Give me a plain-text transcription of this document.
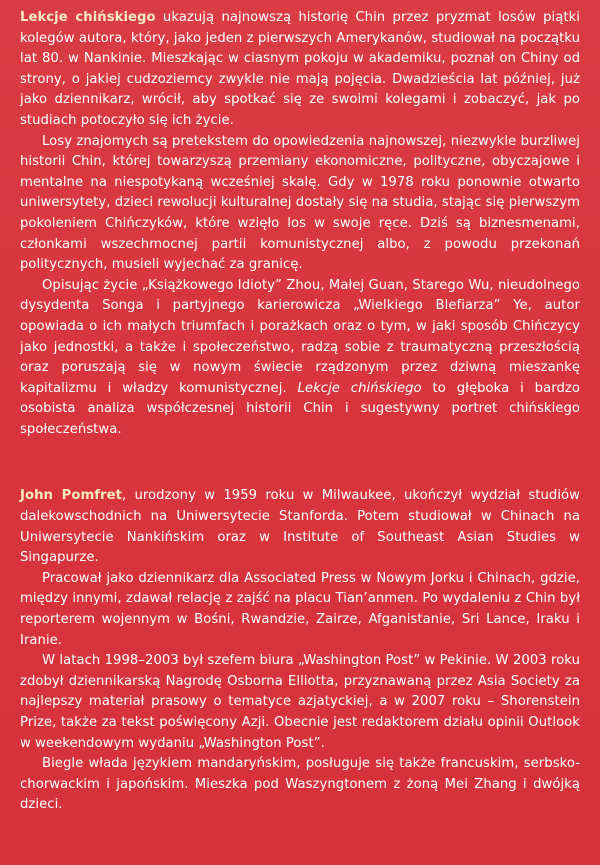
Lekcje chińskiego ukazują najnowszą historię Chin przez pryzmat losów piątki kolegów autora, który, jako jeden z pierwszych Amerykanów, studiował na początku lat 80. w Nankinie. Mieszkając w ciasnym pokoju w akademiku, poznał on Chiny od strony, o jakiej cudzoziemcy zwykle nie mają pojęcia. Dwadzieścia lat później, już jako dziennikarz, wrócił, aby spotkać się ze swoimi kolegami i zobaczyć, jak po studiach potoczyło się ich życie.

Losy znajomych są pretekstem do opowiedzenia najnowszej, niezwykle burzliwej historii Chin, której towarzyszą przemiany ekonomiczne, polityczne, obyczajowe i mentalne na niespotykaną wcześniej skalę. Gdy w 1978 roku ponownie otwarto uniwersytety, dzieci rewolucji kulturalnej dostały się na studia, stając się pierwszym pokoleniem Chińczyków, które wzięło los w swoje ręce. Dziś są biznesmenami, członkami wszechmocnej partii komunistycznej albo, z powodu przekonań politycznych, musieli wyjechać za granicę.

Opisując życie „Książkowego Idioty” Zhou, Małej Guan, Starego Wu, nieudolnego dysydenta Songa i partyjnego karierowicza „Wielkiego Blefiarza” Ye, autor opowiada o ich małych triumfach i porażkach oraz o tym, w jaki sposób Chińczycy jako jednostki, a także i społeczeństwo, radzą sobie z traumatyczną przeszłością oraz poruszają się w nowym świecie rządzonym przez dziwną mieszankę kapitalizmu i władzy komunistycznej. Lekcje chińskiego to głęboka i bardzo osobista analiza współczesnej historii Chin i sugestywny portret chińskiego społeczeństwa.

John Pomfret, urodzony w 1959 roku w Milwaukee, ukończył wydział studiów dalekowschodnich na Uniwersytecie Stanforda. Potem studiował w Chinach na Uniwersytecie Nankińskim oraz w Institute of Southeast Asian Studies w Singapurze.

Pracował jako dziennikarz dla Associated Press w Nowym Jorku i Chinach, gdzie, między innymi, zdawał relację z zajść na placu Tian’anmen. Po wydaleniu z Chin był reporterem wojennym w Bośni, Rwandzie, Zairze, Afganistanie, Sri Lance, Iraku i Iranie.

W latach 1998–2003 był szefem biura „Washington Post” w Pekinie. W 2003 roku zdobył dziennikarską Nagrodę Osborna Elliotta, przyznawaną przez Asia Society za najlepszy materiał prasowy o tematyce azjatyckiej, a w 2007 roku – Shorenstein Prize, także za tekst poświęcony Azji. Obecnie jest redaktorem działu opinii Outlook w weekendowym wydaniu „Washington Post”.

Biegle włada językiem mandaryńskim, posługuje się także francuskim, serbsko-chorwackim i japońskim. Mieszka pod Waszyngtonem z żoną Mei Zhang i dwójką dzieci.
